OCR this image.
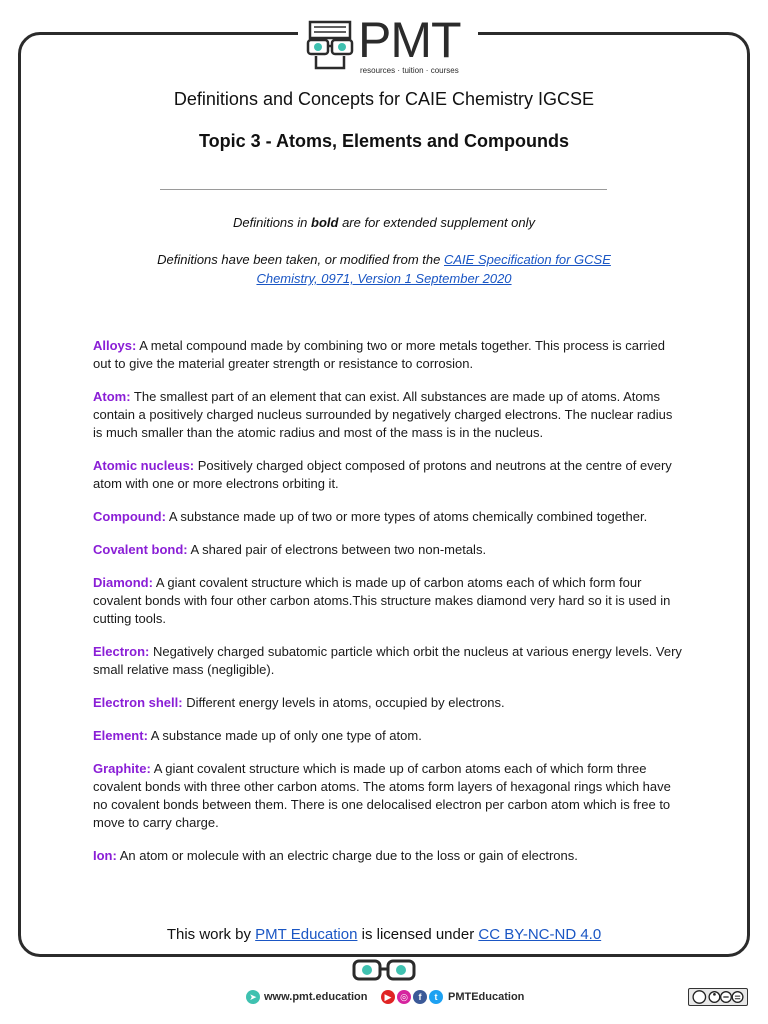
PMT
resources · tuition · courses
Definitions and Concepts for CAIE Chemistry IGCSE
Topic 3 - Atoms, Elements and Compounds
Definitions in bold are for extended supplement only
Definitions have been taken, or modified from the CAIE Specification for GCSE Chemistry, 0971, Version 1 September 2020

Alloys: A metal compound made by combining two or more metals together. This process is carried out to give the material greater strength or resistance to corrosion.

Atom: The smallest part of an element that can exist. All substances are made up of atoms. Atoms contain a positively charged nucleus surrounded by negatively charged electrons. The nuclear radius is much smaller than the atomic radius and most of the mass is in the nucleus.

Atomic nucleus: Positively charged object composed of protons and neutrons at the centre of every atom with one or more electrons orbiting it.

Compound: A substance made up of two or more types of atoms chemically combined together.

Covalent bond: A shared pair of electrons between two non-metals.

Diamond: A giant covalent structure which is made up of carbon atoms each of which form four covalent bonds with four other carbon atoms.This structure makes diamond very hard so it is used in cutting tools.

Electron: Negatively charged subatomic particle which orbit the nucleus at various energy levels. Very small relative mass (negligible).

Electron shell: Different energy levels in atoms, occupied by electrons.

Element: A substance made up of only one type of atom.

Graphite: A giant covalent structure which is made up of carbon atoms each of which form three covalent bonds with three other carbon atoms. The atoms form layers of hexagonal rings which have no covalent bonds between them. There is one delocalised electron per carbon atom which is free to move to carry charge.

Ion: An atom or molecule with an electric charge due to the loss or gain of electrons.

This work by PMT Education is licensed under CC BY-NC-ND 4.0
➤ www.pmt.education	▶ ◎	f	t PMTEducation
